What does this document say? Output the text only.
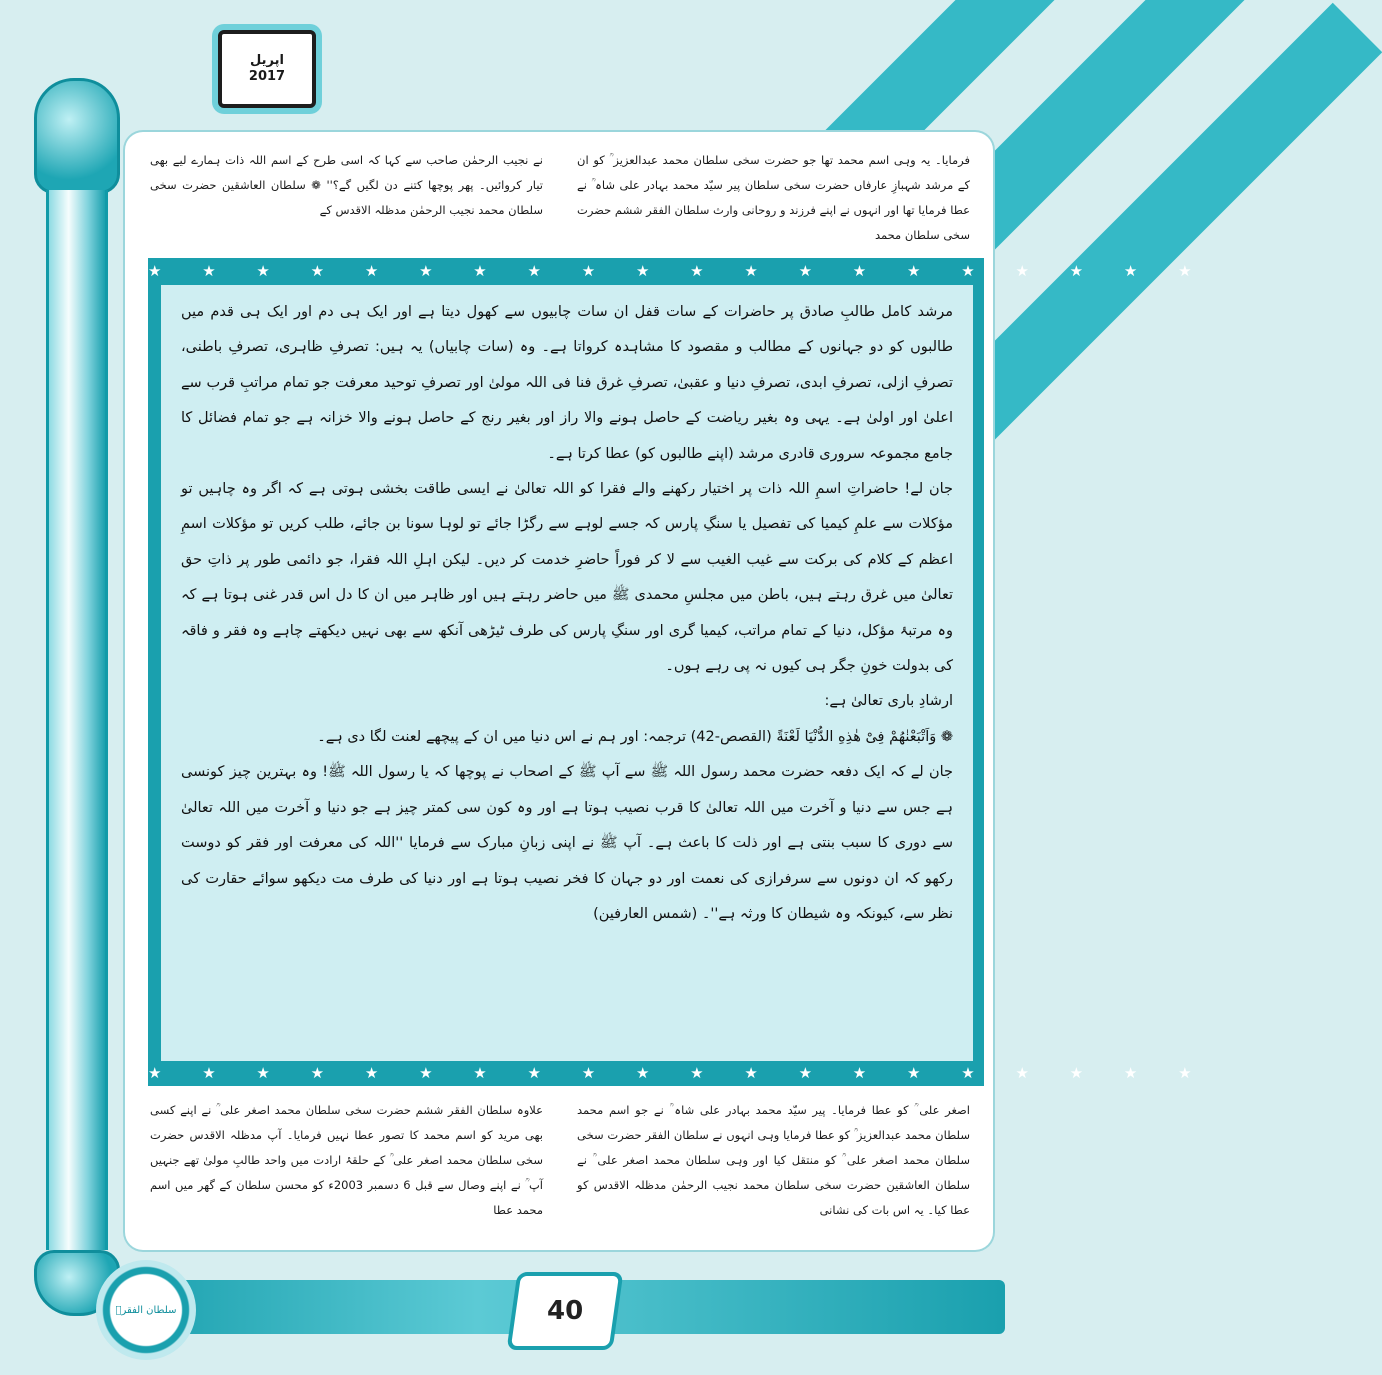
اپریل
2017
نے نجیب الرحمٰن صاحب سے کہا کہ اسی طرح کے اسم اللہ ذات ہمارے لیے بھی تیار کروائیں۔ پھر پوچھا کتنے دن لگیں گے؟'' ❁ سلطان العاشقین حضرت سخی سلطان محمد نجیب الرحمٰن مدظلہ الاقدس کے
فرمایا۔ یہ وہی اسم محمد تھا جو حضرت سخی سلطان محمد عبدالعزیز ؒ کو ان کے مرشد شہبازِ عارفاں حضرت سخی سلطان پیر سیّد محمد بہادر علی شاہ ؒ نے عطا فرمایا تھا اور انہوں نے اپنے فرزند و روحانی وارث سلطان الفقر ششم حضرت سخی سلطان محمد
★ ★ ★ ★ ★ ★ ★ ★ ★ ★ ★ ★ ★ ★ ★ ★ ★ ★ ★ ★

مرشد کامل طالبِ صادق پر حاضرات کے سات قفل ان سات چابیوں سے کھول دیتا ہے اور ایک ہی دم اور ایک ہی قدم میں طالبوں کو دو جہانوں کے مطالب و مقصود کا مشاہدہ کرواتا ہے۔ وہ (سات چابیاں) یہ ہیں: تصرفِ ظاہری، تصرفِ باطنی، تصرفِ ازلی، تصرفِ ابدی، تصرفِ دنیا و عقبیٰ، تصرفِ غرق فنا فی اللہ مولیٰ اور تصرفِ توحید معرفت جو تمام مراتبِ قرب سے اعلیٰ اور اولیٰ ہے۔ یہی وہ بغیر ریاضت کے حاصل ہونے والا راز اور بغیر رنج کے حاصل ہونے والا خزانہ ہے جو تمام فضائل کا جامع مجموعہ سروری قادری مرشد (اپنے طالبوں کو) عطا کرتا ہے۔

جان لے! حاضراتِ اسمِ اللہ ذات پر اختیار رکھنے والے فقرا کو اللہ تعالیٰ نے ایسی طاقت بخشی ہوتی ہے کہ اگر وہ چاہیں تو مؤکلات سے علمِ کیمیا کی تفصیل یا سنگِ پارس کہ جسے لوہے سے رگڑا جائے تو لوہا سونا بن جائے، طلب کریں تو مؤکلات اسمِ اعظم کے کلام کی برکت سے غیب الغیب سے لا کر فوراً حاضرِ خدمت کر دیں۔ لیکن اہلِ اللہ فقرا، جو دائمی طور پر ذاتِ حق تعالیٰ میں غرق رہتے ہیں، باطن میں مجلسِ محمدی ﷺ میں حاضر رہتے ہیں اور ظاہر میں ان کا دل اس قدر غنی ہوتا ہے کہ وہ مرتبۂ مؤکل، دنیا کے تمام مراتب، کیمیا گری اور سنگِ پارس کی طرف ٹیڑھی آنکھ سے بھی نہیں دیکھتے چاہے وہ فقر و فاقہ کی بدولت خونِ جگر ہی کیوں نہ پی رہے ہوں۔

ارشادِ باری تعالیٰ ہے:

❁ وَاَتْبَعْنٰهُمْ فِیْ هٰذِهِ الدُّنْیَا لَعْنَةً (القصص-42) ترجمہ: اور ہم نے اس دنیا میں ان کے پیچھے لعنت لگا دی ہے۔

جان لے کہ ایک دفعہ حضرت محمد رسول اللہ ﷺ سے آپ ﷺ کے اصحاب نے پوچھا کہ یا رسول اللہ ﷺ! وہ بہترین چیز کونسی ہے جس سے دنیا و آخرت میں اللہ تعالیٰ کا قرب نصیب ہوتا ہے اور وہ کون سی کمتر چیز ہے جو دنیا و آخرت میں اللہ تعالیٰ سے دوری کا سبب بنتی ہے اور ذلت کا باعث ہے۔ آپ ﷺ نے اپنی زبانِ مبارک سے فرمایا ''اللہ کی معرفت اور فقر کو دوست رکھو کہ ان دونوں سے سرفرازی کی نعمت اور دو جہان کا فخر نصیب ہوتا ہے اور دنیا کی طرف مت دیکھو سوائے حقارت کی نظر سے، کیونکہ وہ شیطان کا ورثہ ہے''۔ (شمس العارفین)

★ ★ ★ ★ ★ ★ ★ ★ ★ ★ ★ ★ ★ ★ ★ ★ ★ ★ ★ ★
علاوہ سلطان الفقر ششم حضرت سخی سلطان محمد اصغر علی ؒ نے اپنے کسی بھی مرید کو اسم محمد کا تصور عطا نہیں فرمایا۔ آپ مدظلہ الاقدس حضرت سخی سلطان محمد اصغر علی ؒ کے حلقۂ ارادت میں واحد طالبِ مولیٰ تھے جنہیں آپ ؒ نے اپنے وصال سے قبل 6 دسمبر 2003ء کو محسن سلطان کے گھر میں اسم محمد عطا
اصغر علی ؒ کو عطا فرمایا۔ پیر سیّد محمد بہادر علی شاہ ؒ نے جو اسم محمد سلطان محمد عبدالعزیز ؒ کو عطا فرمایا وہی انہوں نے سلطان الفقر حضرت سخی سلطان محمد اصغر علی ؒ کو منتقل کیا اور وہی سلطان محمد اصغر علی ؒ نے سلطان العاشقین حضرت سخی سلطان محمد نجیب الرحمٰن مدظلہ الاقدس کو عطا کیا۔ یہ اس بات کی نشانی
سلطان الفقرؒ	40
